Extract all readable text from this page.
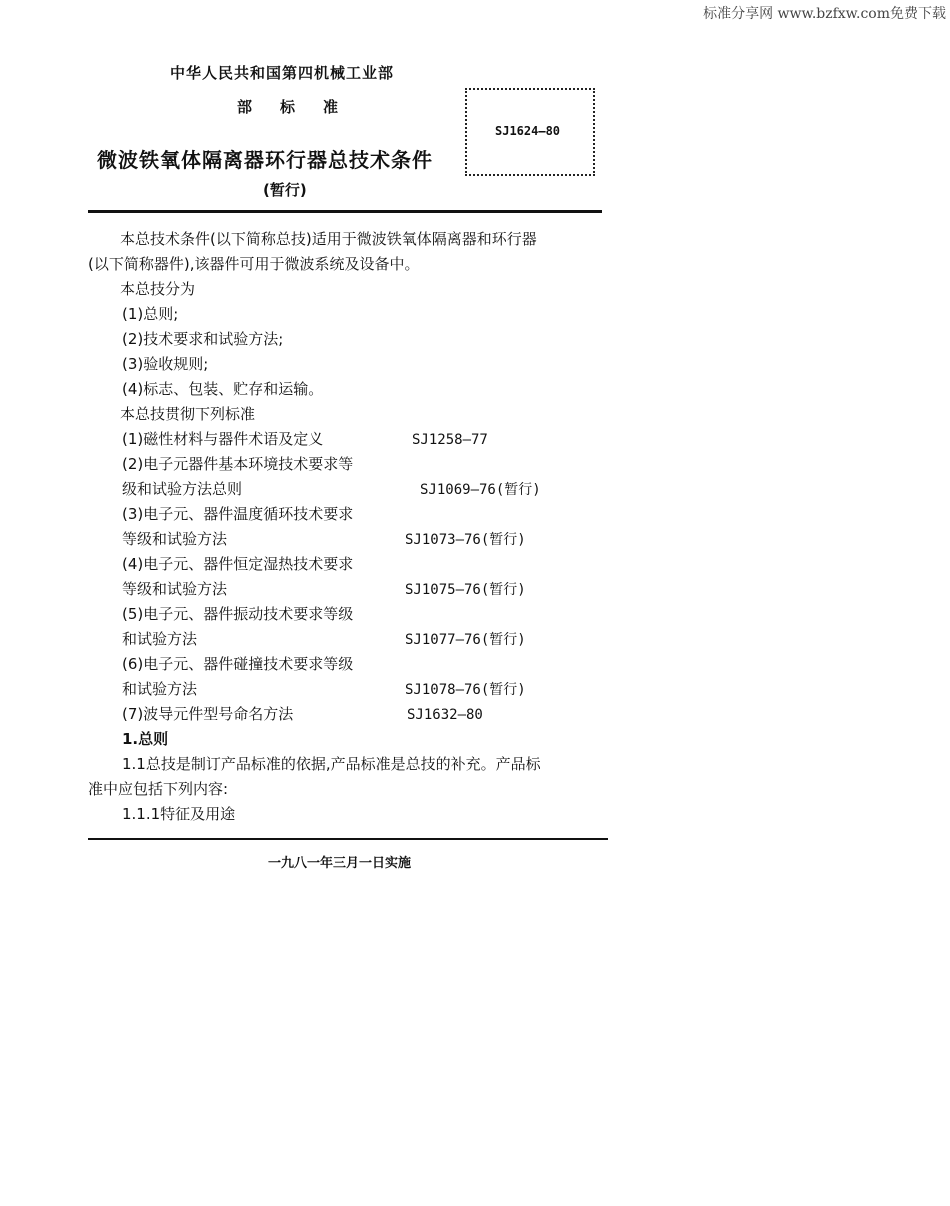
标准分享网 www.bzfxw.com免费下载
中华人民共和国第四机械工业部
部标准
微波铁氧体隔离器环行器总技术条件
(暂行)
SJ1624—80
本总技术条件(以下简称总技)适用于微波铁氧体隔离器和环行器
(以下简称器件),该器件可用于微波系统及设备中。
本总技分为
(1)总则;
(2)技术要求和试验方法;
(3)验收规则;
(4)标志、包装、贮存和运输。
本总技贯彻下列标准
(1)磁性材料与器件术语及定义	SJ1258—77
(2)电子元器件基本环境技术要求等
级和试验方法总则	SJ1069—76(暂行)
(3)电子元、器件温度循环技术要求
等级和试验方法	SJ1073—76(暂行)
(4)电子元、器件恒定湿热技术要求
等级和试验方法	SJ1075—76(暂行)
(5)电子元、器件振动技术要求等级
和试验方法	SJ1077—76(暂行)
(6)电子元、器件碰撞技术要求等级
和试验方法	SJ1078—76(暂行)
(7)波导元件型号命名方法	SJ1632—80
1.总则
1.1总技是制订产品标准的依据,产品标准是总技的补充。产品标
准中应包括下列内容:
1.1.1特征及用途
一九八一年三月一日实施
